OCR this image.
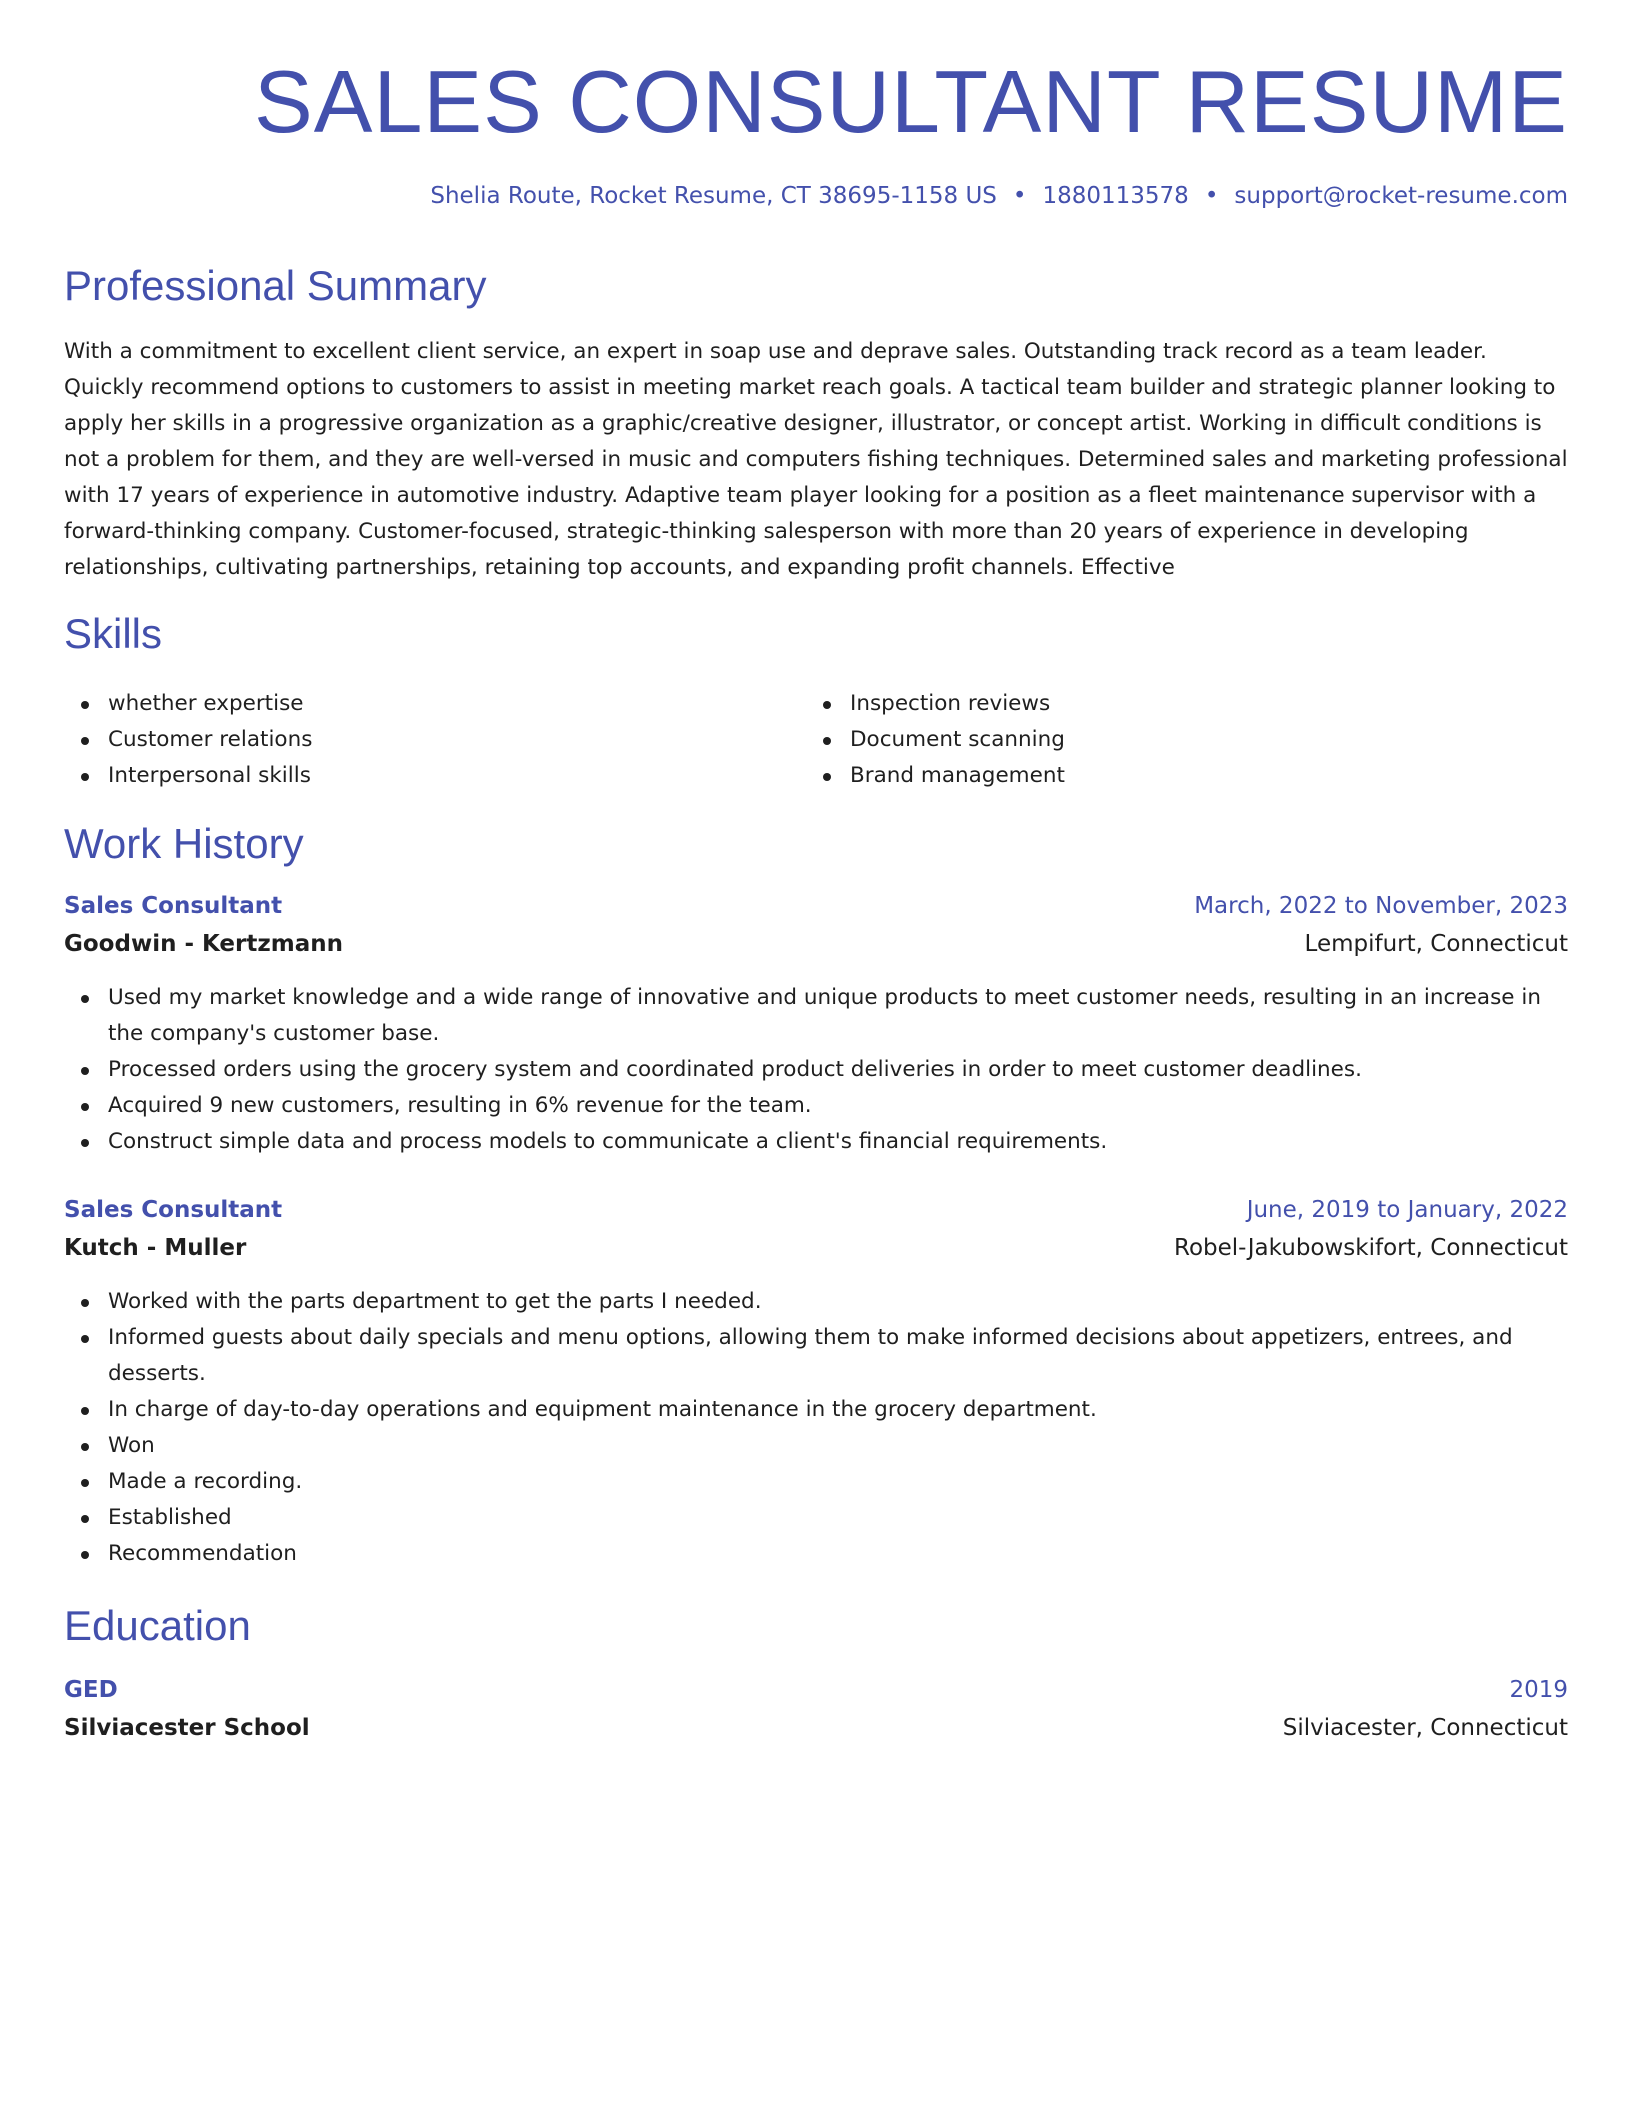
SALES CONSULTANT RESUME
Shelia Route, Rocket Resume, CT 38695-1158 US • 1880113578 • support@rocket-resume.com
Professional Summary

With a commitment to excellent client service, an expert in soap use and deprave sales. Outstanding track record as a team leader. Quickly recommend options to customers to assist in meeting market reach goals. A tactical team builder and strategic planner looking to apply her skills in a progressive organization as a graphic/creative designer, illustrator, or concept artist. Working in difficult conditions is not a problem for them, and they are well-versed in music and computers fishing techniques. Determined sales and marketing professional with 17 years of experience in automotive industry. Adaptive team player looking for a position as a fleet maintenance supervisor with a forward-thinking company. Customer-focused, strategic-thinking salesperson with more than 20 years of experience in developing relationships, cultivating partnerships, retaining top accounts, and expanding profit channels. Effective

Skills
whether expertise
Customer relations
Interpersonal skills
Inspection reviews
Document scanning
Brand management
Work History
Sales Consultant	March, 2022 to November, 2023
Goodwin - Kertzmann	Lempifurt, Connecticut
Used my market knowledge and a wide range of innovative and unique products to meet customer needs, resulting in an increase in the company's customer base.
Processed orders using the grocery system and coordinated product deliveries in order to meet customer deadlines.
Acquired 9 new customers, resulting in 6% revenue for the team.
Construct simple data and process models to communicate a client's financial requirements.
Sales Consultant	June, 2019 to January, 2022
Kutch - Muller	Robel-Jakubowskifort, Connecticut
Worked with the parts department to get the parts I needed.
Informed guests about daily specials and menu options, allowing them to make informed decisions about appetizers, entrees, and desserts.
In charge of day-to-day operations and equipment maintenance in the grocery department.
Won
Made a recording.
Established
Recommendation
Education
GED	2019
Silviacester School	Silviacester, Connecticut
